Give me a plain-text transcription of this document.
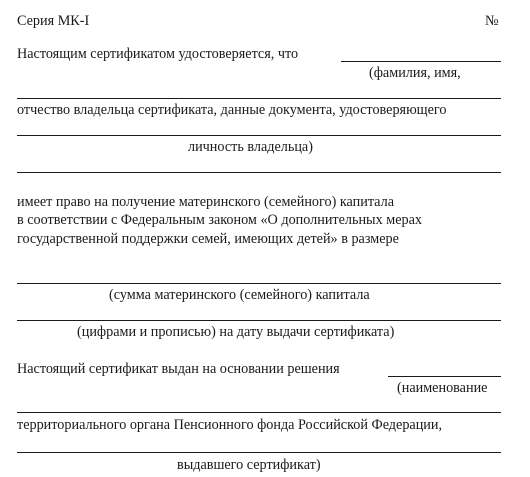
Серия МК-I	№
Настоящим сертификатом удостоверяется, что
(фамилия, имя,
отчество владельца сертификата, данные документа, удостоверяющего
личность владельца)
имеет право на получение материнского (семейного) капитала
в соответствии с Федеральным законом «О дополнительных мерах
государственной поддержки семей, имеющих детей» в размере
(сумма материнского (семейного) капитала
(цифрами и прописью) на дату выдачи сертификата)
Настоящий сертификат выдан на основании решения
(наименование
территориального органа Пенсионного фонда Российской Федерации,
выдавшего сертификат)
